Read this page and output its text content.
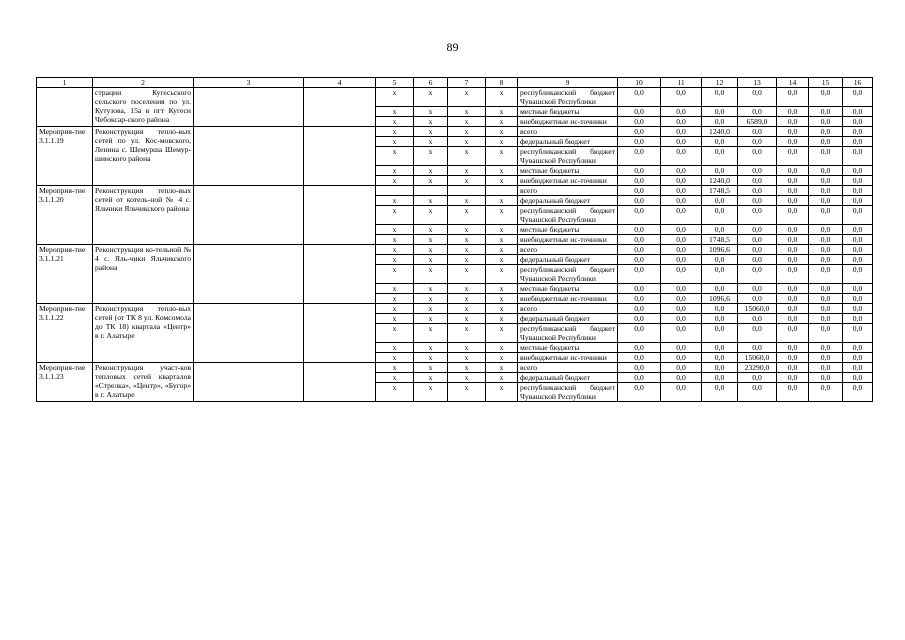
89
1	2	3	4	5	6	7	8	9	10	11	12	13	14	15	16
	страции Кугесьского сельского поселения по ул. Кутузова, 15а в пгт Кугеси Чебоксар-ского района			х	х	х	х	республиканский бюджет Чувашской Республики	0,0	0,0	0,0	0,0	0,0	0,0	0,0
				х	х	х	х	местные бюджеты	0,0	0,0	0,0	0,0	0,0	0,0	0,0
				х	х	х	х	внебюджетные ис-точники	0,0	0,0	0,0	6589,0	0,0	0,0	0,0
Мероприя-тие 3.1.1.19	Реконструкция тепло-вых сетей по ул. Кос-мовского, Ленина с. Шемурша Шемур-шинского района			х	х	х	х	всего	0,0	0,0	1240,0	0,0	0,0	0,0	0,0
				х	х	х	х	федеральный бюджет	0,0	0,0	0,0	0,0	0,0	0,0	0,0
				х	х	х	х	республиканский бюджет Чувашской Республики	0,0	0,0	0,0	0,0	0,0	0,0	0,0
				х	х	х	х	местные бюджеты	0,0	0,0	0,0	0,0	0,0	0,0	0,0
				х	х	х	х	внебюджетные ис-точники	0,0	0,0	1240,0	0,0	0,0	0,0	0,0
Мероприя-тие 3.1.1.20	Реконструкция тепло-вых сетей от котель-ной № 4 с. Яльчики Яльчикского района							всего	0,0	0,0	1748,5	0,0	0,0	0,0	0,0
				х	х	х	х	федеральный бюджет	0,0	0,0	0,0	0,0	0,0	0,0	0,0
				х	х	х	х	республиканский бюджет Чувашской Республики	0,0	0,0	0,0	0,0	0,0	0,0	0,0
				х	х	х	х	местные бюджеты	0,0	0,0	0,0	0,0	0,0	0,0	0,0
				х	х	х	х	внебюджетные ис-точники	0,0	0,0	1748,5	0,0	0,0	0,0	0,0
Мероприя-тие 3.1.1.21	Реконструкция ко-тельной № 4 с. Яль-чики Яльчикского района			х	х	х	х	всего	0,0	0,0	1096,6	0,0	0,0	0,0	0,0
				х	х	х	х	федеральный бюджет	0,0	0,0	0,0	0,0	0,0	0,0	0,0
				х	х	х	х	республиканский бюджет Чувашской Республики	0,0	0,0	0,0	0,0	0,0	0,0	0,0
				х	х	х	х	местные бюджеты	0,0	0,0	0,0	0,0	0,0	0,0	0,0
				х	х	х	х	внебюджетные ис-точники	0,0	0,0	1096,6	0,0	0,0	0,0	0,0
Мероприя-тие 3.1.1.22	Реконструкция тепло-вых сетей (от ТК 8 ул. Комсомола до ТК 18) квартала «Центр» в г. Алатыре			х	х	х	х	всего	0,0	0,0	0,0	15060,0	0,0	0,0	0,0
				х	х	х	х	федеральный бюджет	0,0	0,0	0,0	0,0	0,0	0,0	0,0
				х	х	х	х	республиканский бюджет Чувашской Республики	0,0	0,0	0,0	0,0	0,0	0,0	0,0
				х	х	х	х	местные бюджеты	0,0	0,0	0,0	0,0	0,0	0,0	0,0
				х	х	х	х	внебюджетные ис-точники	0,0	0,0	0,0	15060,0	0,0	0,0	0,0
Мероприя-тие 3.1.1.23	Реконструкция участ-ков тепловых сетей кварталов «Стрелка», «Центр», «Бугор» в г. Алатыре			х	х	х	х	всего	0,0	0,0	0,0	23290,0	0,0	0,0	0,0
				х	х	х	х	федеральный бюджет	0,0	0,0	0,0	0,0	0,0	0,0	0,0
				х	х	х	х	республиканский бюджет Чувашской Республики	0,0	0,0	0,0	0,0	0,0	0,0	0,0
